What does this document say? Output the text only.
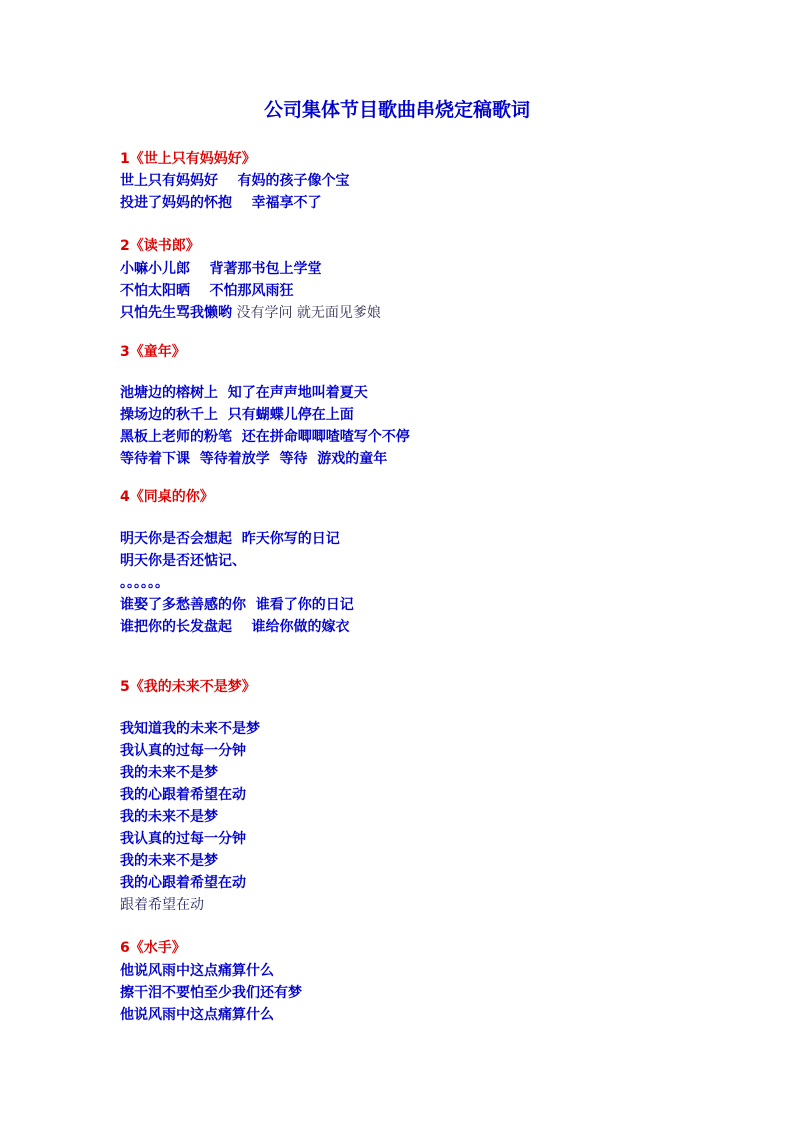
公司集体节目歌曲串烧定稿歌词

1《世上只有妈妈好》

世上只有妈妈好    有妈的孩子像个宝

投进了妈妈的怀抱    幸福享不了

2《读书郎》

小嘛小儿郎    背著那书包上学堂

不怕太阳晒    不怕那风雨狂

只怕先生骂我懒哟 没有学问 就无面见爹娘

3《童年》

池塘边的榕树上  知了在声声地叫着夏天

操场边的秋千上  只有蝴蝶儿停在上面

黑板上老师的粉笔  还在拼命唧唧喳喳写个不停

等待着下课  等待着放学  等待  游戏的童年

4《同桌的你》

明天你是否会想起  昨天你写的日记

明天你是否还惦记、

。。。。。。

谁娶了多愁善感的你  谁看了你的日记

谁把你的长发盘起    谁给你做的嫁衣

5《我的未来不是梦》

我知道我的未来不是梦

我认真的过每一分钟

我的未来不是梦

我的心跟着希望在动

我的未来不是梦

我认真的过每一分钟

我的未来不是梦

我的心跟着希望在动

跟着希望在动

6《水手》

他说风雨中这点痛算什么

擦干泪不要怕至少我们还有梦

他说风雨中这点痛算什么
